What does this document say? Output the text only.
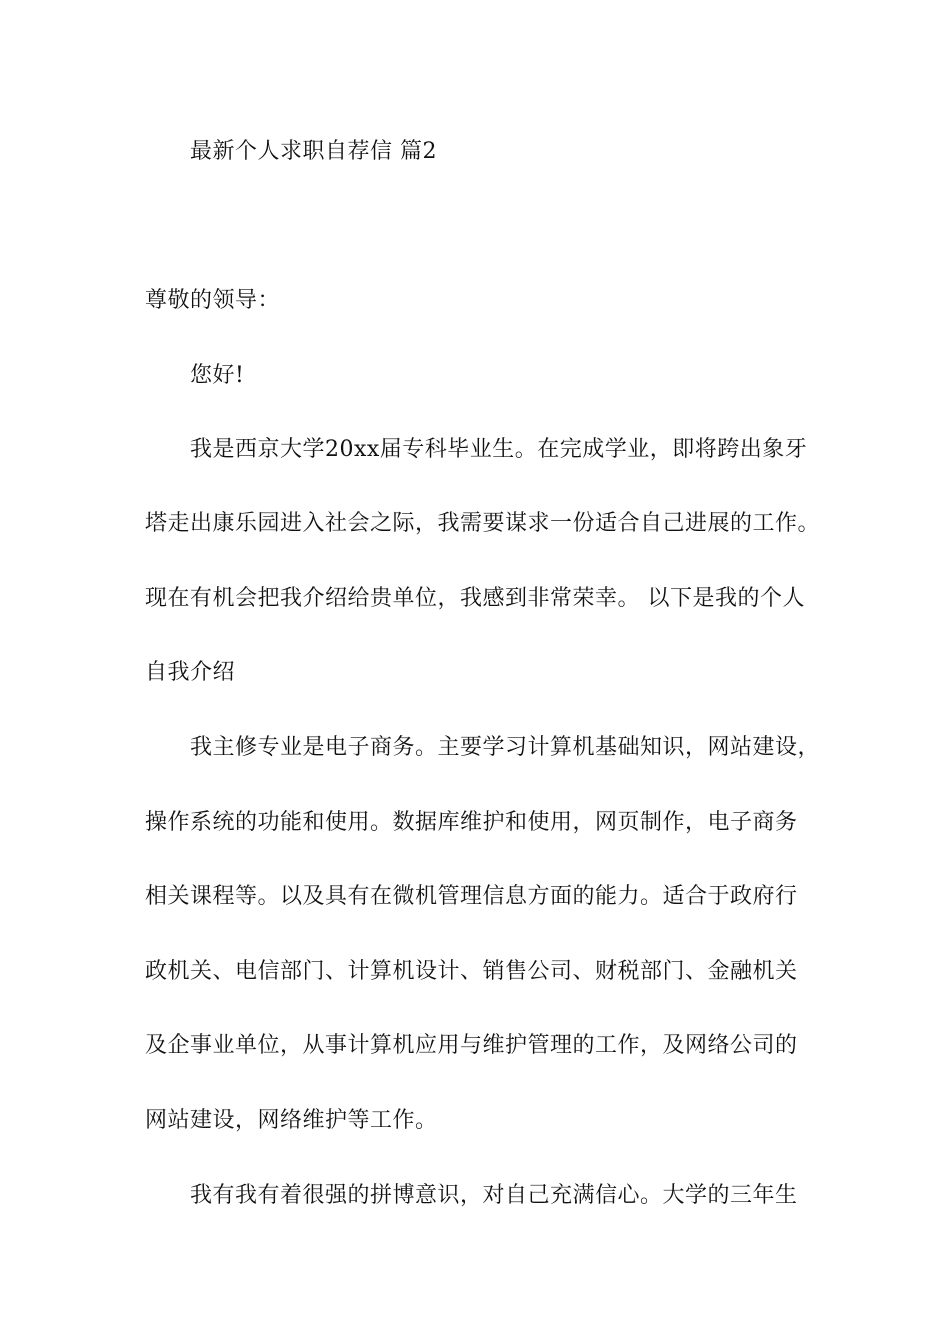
最新个人求职自荐信 篇2
尊敬的领导：
您好!
我是西京大学20xx届专科毕业生。在完成学业，即将跨出象牙
塔走出康乐园进入社会之际，我需要谋求一份适合自己进展的工作。
现在有机会把我介绍给贵单位，我感到非常荣幸。 以下是我的个人
自我介绍
我主修专业是电子商务。主要学习计算机基础知识，网站建设，
操作系统的功能和使用。数据库维护和使用，网页制作，电子商务
相关课程等。以及具有在微机管理信息方面的能力。适合于政府行
政机关、电信部门、计算机设计、销售公司、财税部门、金融机关
及企事业单位，从事计算机应用与维护管理的工作，及网络公司的
网站建设，网络维护等工作。
我有我有着很强的拼博意识，对自己充满信心。大学的三年生
